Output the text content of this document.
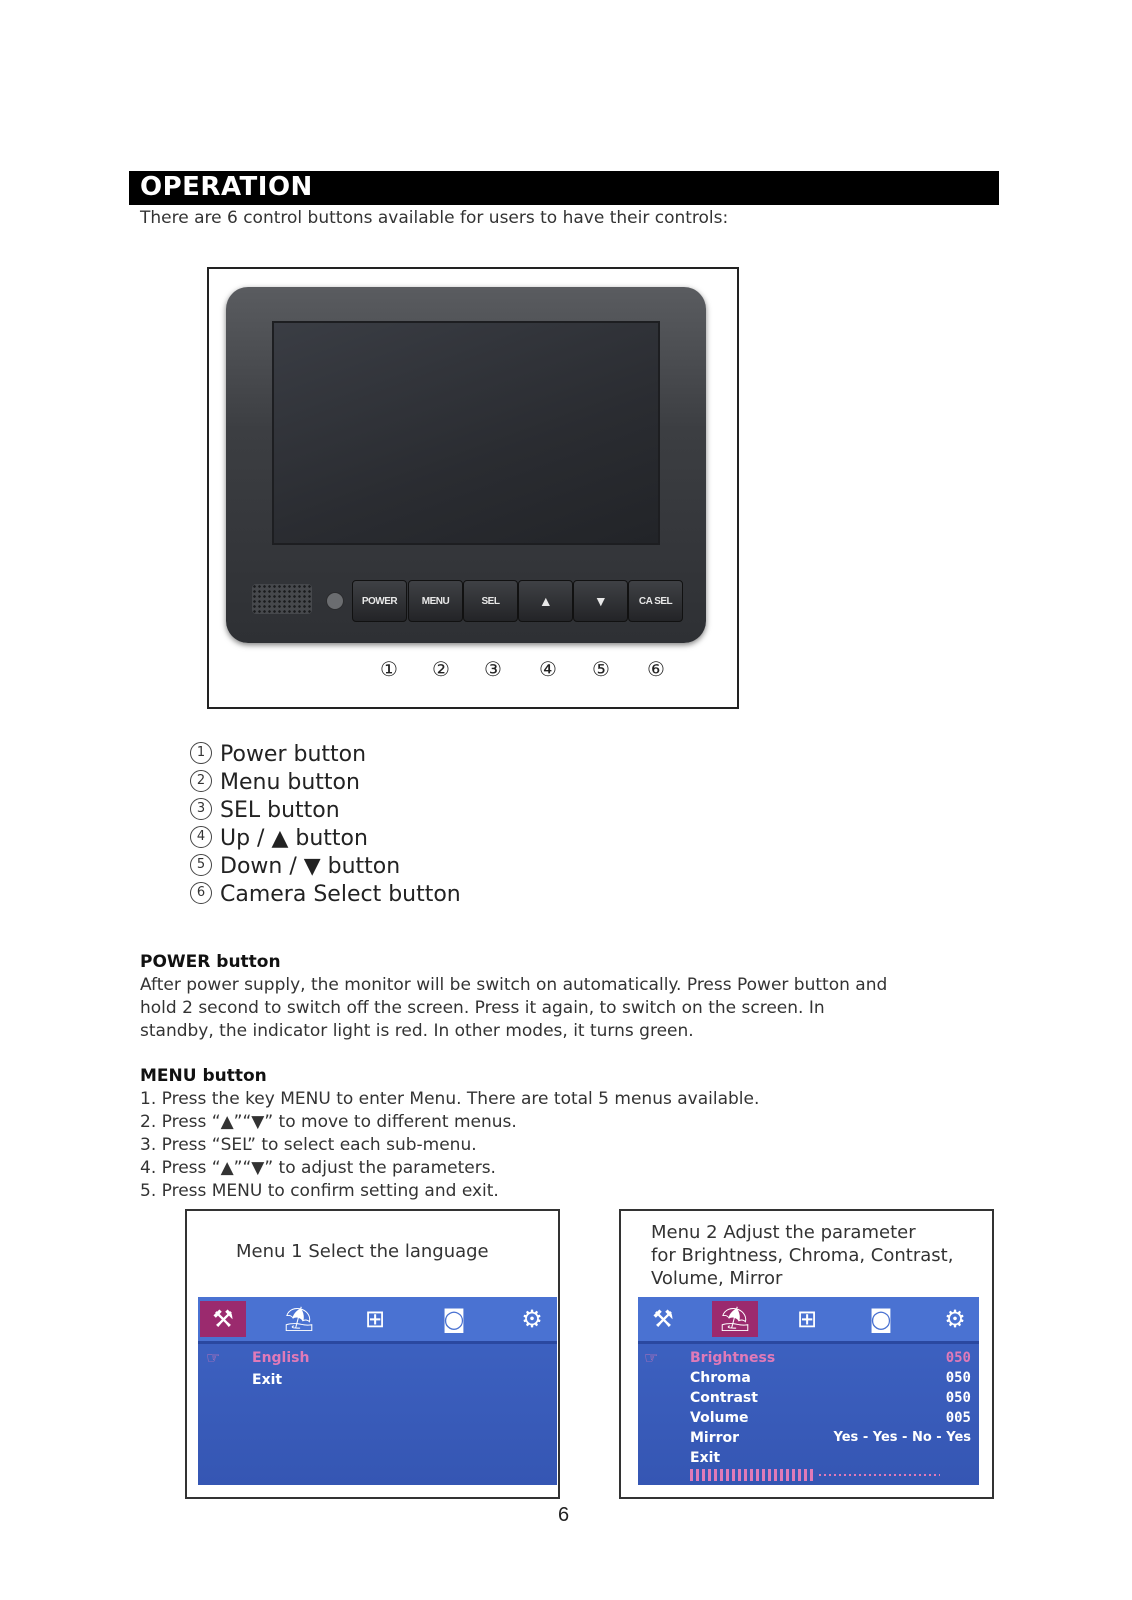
OPERATION
There are 6 control buttons available for users to have their controls:
POWER	MENU	SEL	▲	▼	CA SEL
① ② ③ ④ ⑤ ⑥
1 Power button
2 Menu button
3 SEL button
4 Up / ▲ button
5 Down / ▼ button
6 Camera Select button
POWER button
After power supply, the monitor will be switch on automatically. Press Power button and
hold 2 second to switch off the screen. Press it again, to switch on the screen. In
standby, the indicator light is red. In other modes, it turns green.
MENU button
1. Press the key MENU to enter Menu. There are total 5 menus available.
2. Press “▲”“▼” to move to different menus.
3. Press “SEL” to select each sub-menu.
4. Press “▲”“▼” to adjust the parameters.
5. Press MENU to confirm setting and exit.
Menu 1 Select the language
⚒	⛱	⊞	◙	⚙
☞ English
Exit
Menu 2 Adjust the parameter
for Brightness, Chroma, Contrast,
Volume, Mirror
⚒	⛱	⊞	◙	⚙
☞ Brightness	050
Chroma	050
Contrast	050
Volume	005
Mirror	Yes - Yes - No - Yes
Exit
6
